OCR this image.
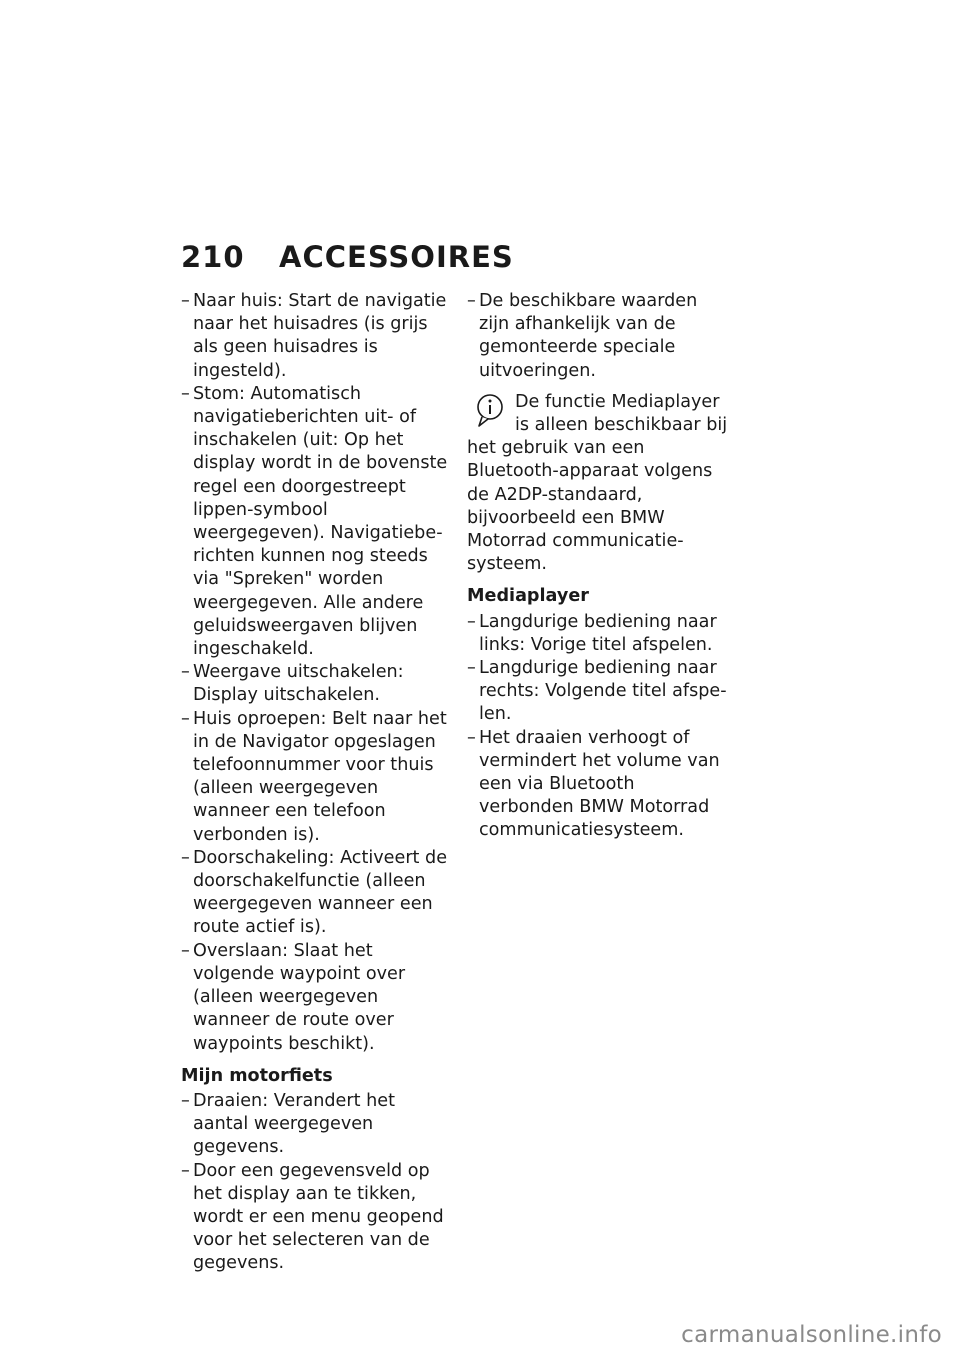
210 ACCESSOIRES
– Naar huis: Start de navigatie naar het huisadres (is grijs als geen huisadres is ingesteld).
– Stom: Automatisch navigatieberichten uit- of inschakelen (uit: Op het display wordt in de bovenste regel een doorgestreept lippen-symbool weergegeven). Navigatieberichten kunnen nog steeds via "Spreken" worden weergegeven. Alle andere geluidsweergaven blijven ingeschakeld.
– Weergave uitschakelen: Display uitschakelen.
– Huis oproepen: Belt naar het in de Navigator opgeslagen telefoonnummer voor thuis (alleen weergegeven wanneer een telefoon verbonden is).
– Doorschakeling: Activeert de doorschakelfunctie (alleen weergegeven wanneer een route actief is).
– Overslaan: Slaat het volgende waypoint over (alleen weergegeven wanneer de route over waypoints beschikt).
Mijn motorfiets
– Draaien: Verandert het aantal weergegeven gegevens.
– Door een gegevensveld op het display aan te tikken, wordt er een menu geopend voor het selecteren van de gegevens.
– De beschikbare waarden zijn afhankelijk van de gemonteerde speciale uitvoeringen.
De functie Mediaplayer is alleen beschikbaar bij het gebruik van een Bluetooth-apparaat volgens de A2DP-standaard, bijvoorbeeld een BMW Motorrad communicatiesysteem.
Mediaplayer
– Langdurige bediening naar links: Vorige titel afspelen.
– Langdurige bediening naar rechts: Volgende titel afspelen.
– Het draaien verhoogt of vermindert het volume van een via Bluetooth verbonden BMW Motorrad communicatiesysteem.
carmanualsonline.info
